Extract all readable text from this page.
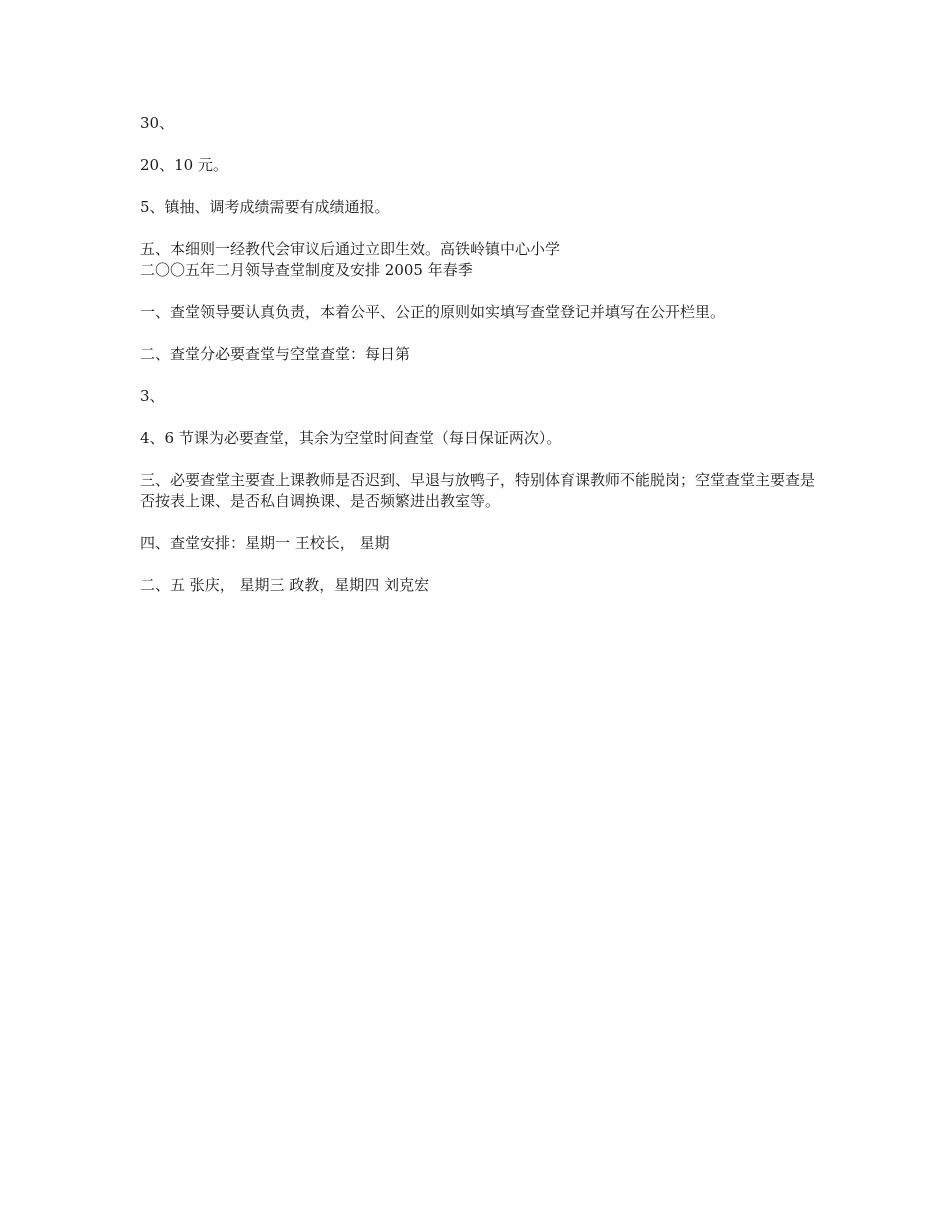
30、

20、10 元。

5、镇抽、调考成绩需要有成绩通报。

五、本细则一经教代会审议后通过立即生效。高铁岭镇中心小学

二〇〇五年二月领导查堂制度及安排 2005 年春季

一、查堂领导要认真负责，本着公平、公正的原则如实填写查堂登记并填写在公开栏里。

二、查堂分必要查堂与空堂查堂：每日第

3、

4、6 节课为必要查堂，其余为空堂时间查堂（每日保证两次）。

三、必要查堂主要查上课教师是否迟到、早退与放鸭子，特别体育课教师不能脱岗；空堂查堂主要查是否按表上课、是否私自调换课、是否频繁进出教室等。

四、查堂安排：星期一 王校长， 星期

二、五 张庆， 星期三 政教，星期四 刘克宏
